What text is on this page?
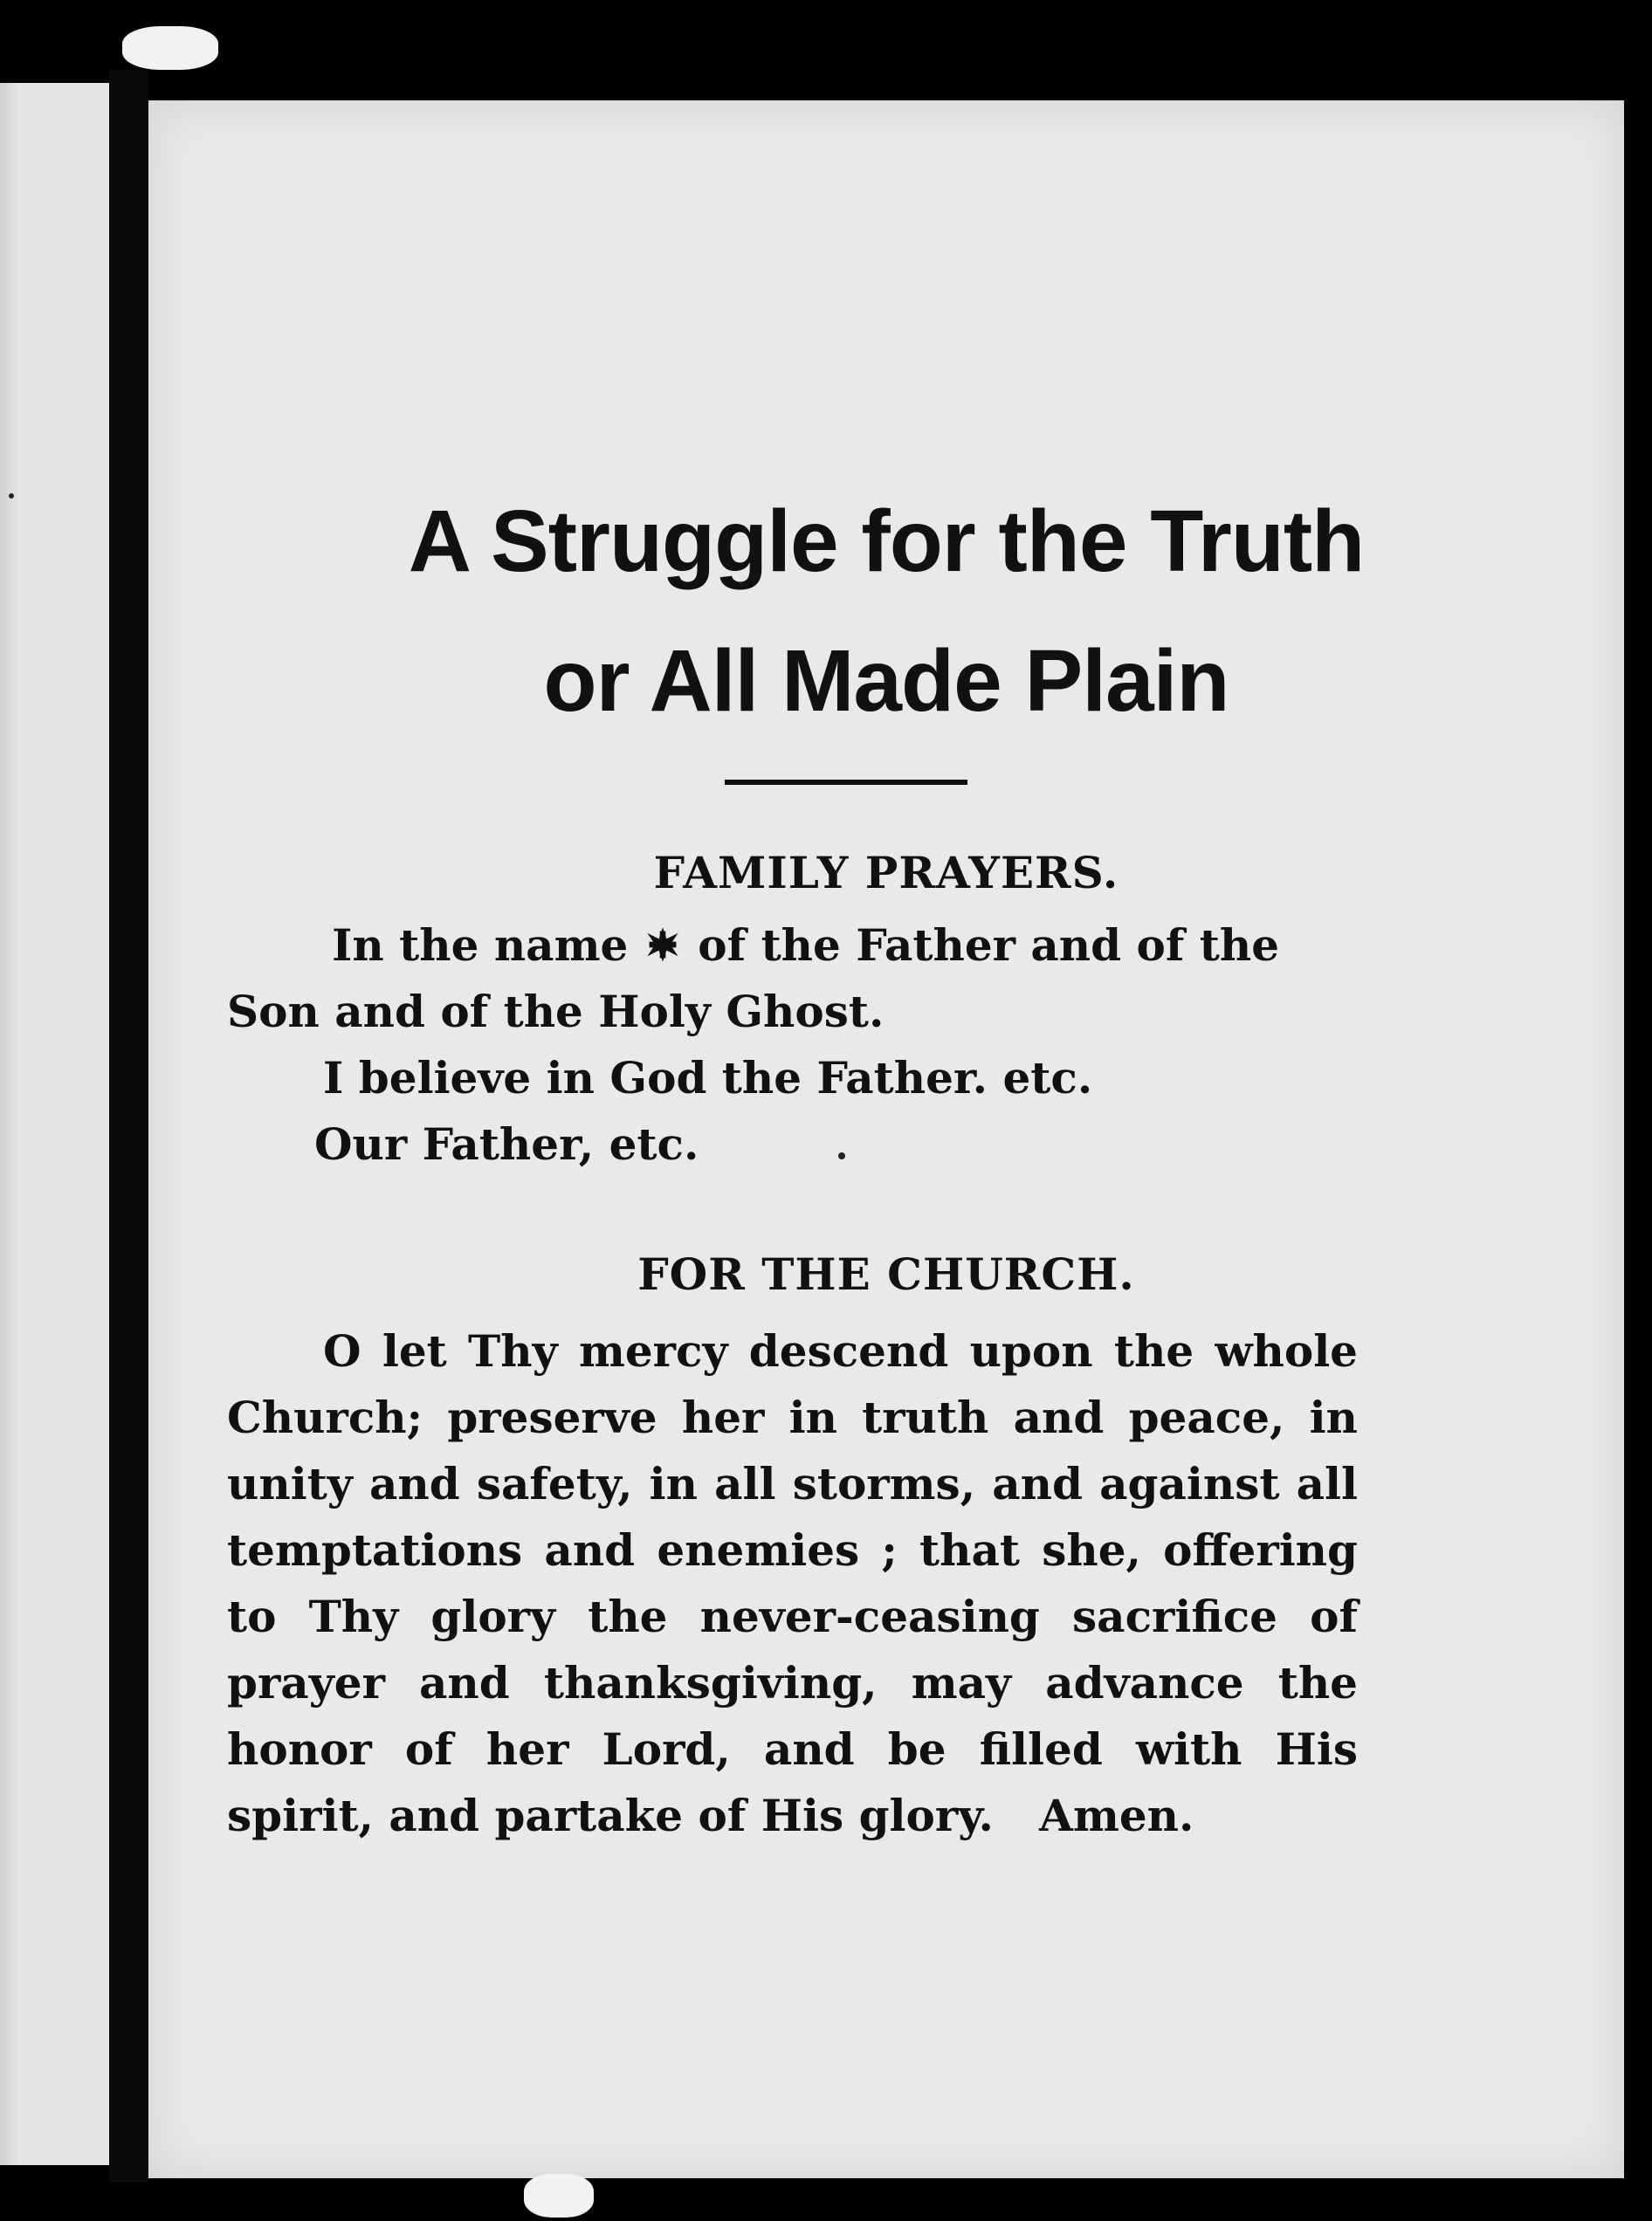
A Struggle for the Truth
or All Made Plain
FAMILY PRAYERS.
In the name of the Father and of the
Son and of the Holy Ghost.
I believe in God the Father. etc.
Our Father, etc.
FOR THE CHURCH.
O let Thy mercy descend upon the whole
Church; preserve her in truth and peace, in
unity and safety, in all storms, and against all
temptations and enemies ; that she, offering
to Thy glory the never-ceasing sacrifice of
prayer and thanksgiving, may advance the
honor of her Lord, and be filled with His
spirit, and partake of His glory.   Amen.
